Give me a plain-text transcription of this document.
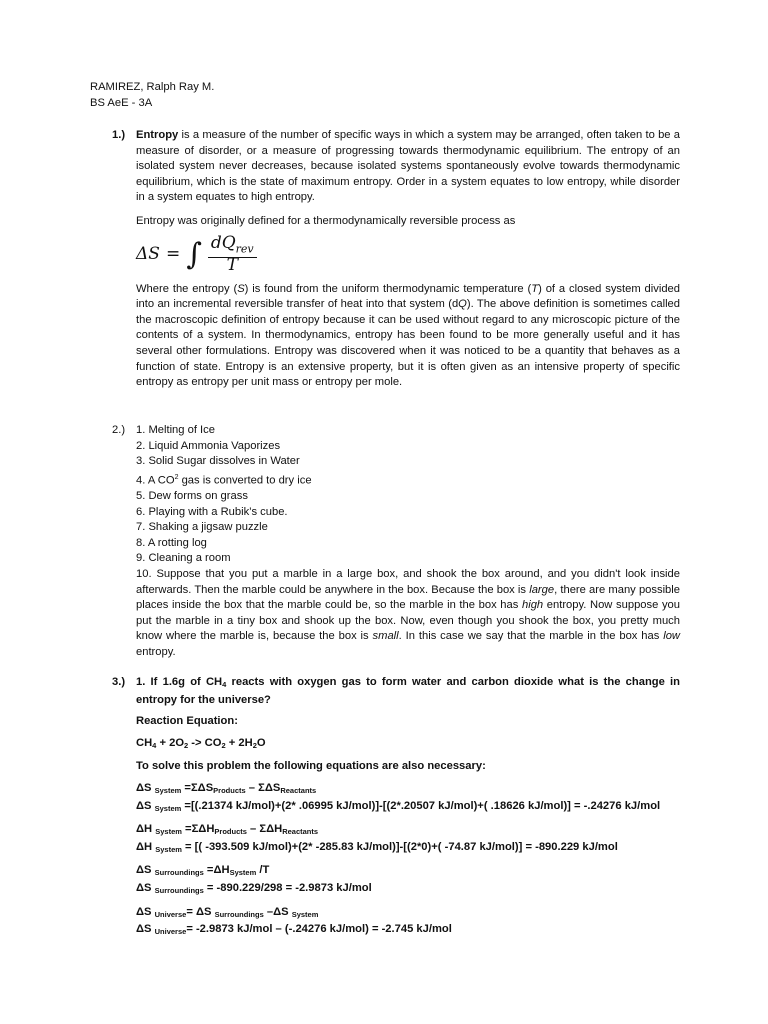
RAMIREZ, Ralph Ray M.
BS AeE - 3A
1.) Entropy is a measure of the number of specific ways in which a system may be arranged, often taken to be a measure of disorder, or a measure of progressing towards thermodynamic equilibrium. The entropy of an isolated system never decreases, because isolated systems spontaneously evolve towards thermodynamic equilibrium, which is the state of maximum entropy. Order in a system equates to low entropy, while disorder in a system equates to high entropy.

Entropy was originally defined for a thermodynamically reversible process as

ΔS = ∫ $\frac{dQ_{rev}}{T}$

Where the entropy (S) is found from the uniform thermodynamic temperature (T) of a closed system divided into an incremental reversible transfer of heat into that system (dQ). The above definition is sometimes called the macroscopic definition of entropy because it can be used without regard to any microscopic picture of the contents of a system. In thermodynamics, entropy has been found to be more generally useful and it has several other formulations. Entropy was discovered when it was noticed to be a quantity that behaves as a function of state. Entropy is an extensive property, but it is often given as an intensive property of specific entropy as entropy per unit mass or entropy per mole.

2.) 1. Melting of Ice

2. Liquid Ammonia Vaporizes

3. Solid Sugar dissolves in Water

4. A $CO^2$ gas is converted to dry ice

5. Dew forms on grass

6. Playing with a Rubik’s cube.

7. Shaking a jigsaw puzzle

8. A rotting log

9. Cleaning a room

10. Suppose that you put a marble in a large box, and shook the box around, and you didn't look inside afterwards. Then the marble could be anywhere in the box. Because the box is large, there are many possible places inside the box that the marble could be, so the marble in the box has high entropy. Now suppose you put the marble in a tiny box and shook up the box. Now, even though you shook the box, you pretty much know where the marble is, because the box is small. In this case we say that the marble in the box has low entropy.

3.) 1. If 1.6g of $CH_4$ reacts with oxygen gas to form water and carbon dioxide what is the change in entropy for the universe?

Reaction Equation:

$CH_4 + 2O_2 -> CO_2 + 2H_2O$

To solve this problem the following equations are also necessary:

ΔS $_{System} =\Sigma\Delta S_{Products} - \Sigma\Delta S_{Reactants}$

ΔS $_{System}$ =[(.21374 kJ/mol)+(2* .06995 kJ/mol)]-[(2*.20507 kJ/mol)+( .18626 kJ/mol)] = -.24276 kJ/mol

ΔH $_{System} =\Sigma\Delta H_{Products} - \Sigma\Delta H_{Reactants}$

ΔH $_{System}$ = [( -393.509 kJ/mol)+(2* -285.83 kJ/mol)]-[(2*0)+( -74.87 kJ/mol)] = -890.229 kJ/mol

ΔS $_{Surroundings} =\Delta H_{System}$ /T

ΔS $_{Surroundings}$ = -890.229/298 = -2.9873 kJ/mol

ΔS $_{Universe}$= ΔS $_{Surroundings}$ –ΔS $_{System}$

ΔS $_{Universe}$= -2.9873 kJ/mol – (-.24276 kJ/mol) = -2.745 kJ/mol
